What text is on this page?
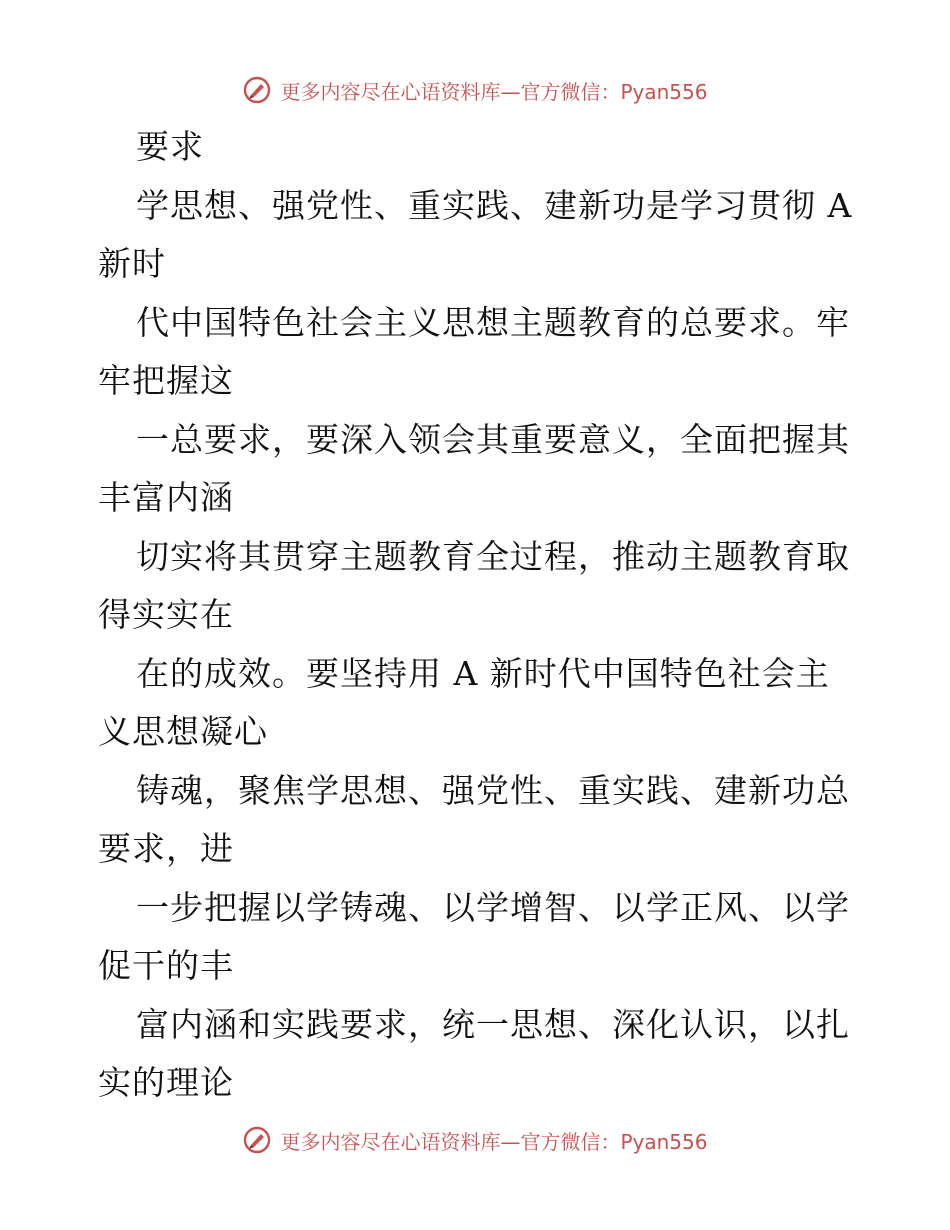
更多内容尽在心语资料库—官方微信：Pyan556
要求
学思想、强党性、重实践、建新功是学习贯彻 A
新时
代中国特色社会主义思想主题教育的总要求。牢
牢把握这
一总要求，要深入领会其重要意义，全面把握其
丰富内涵
切实将其贯穿主题教育全过程，推动主题教育取
得实实在
在的成效。要坚持用 A 新时代中国特色社会主
义思想凝心
铸魂，聚焦学思想、强党性、重实践、建新功总
要求，进
一步把握以学铸魂、以学增智、以学正风、以学
促干的丰
富内涵和实践要求，统一思想、深化认识，以扎
实的理论
更多内容尽在心语资料库—官方微信：Pyan556
